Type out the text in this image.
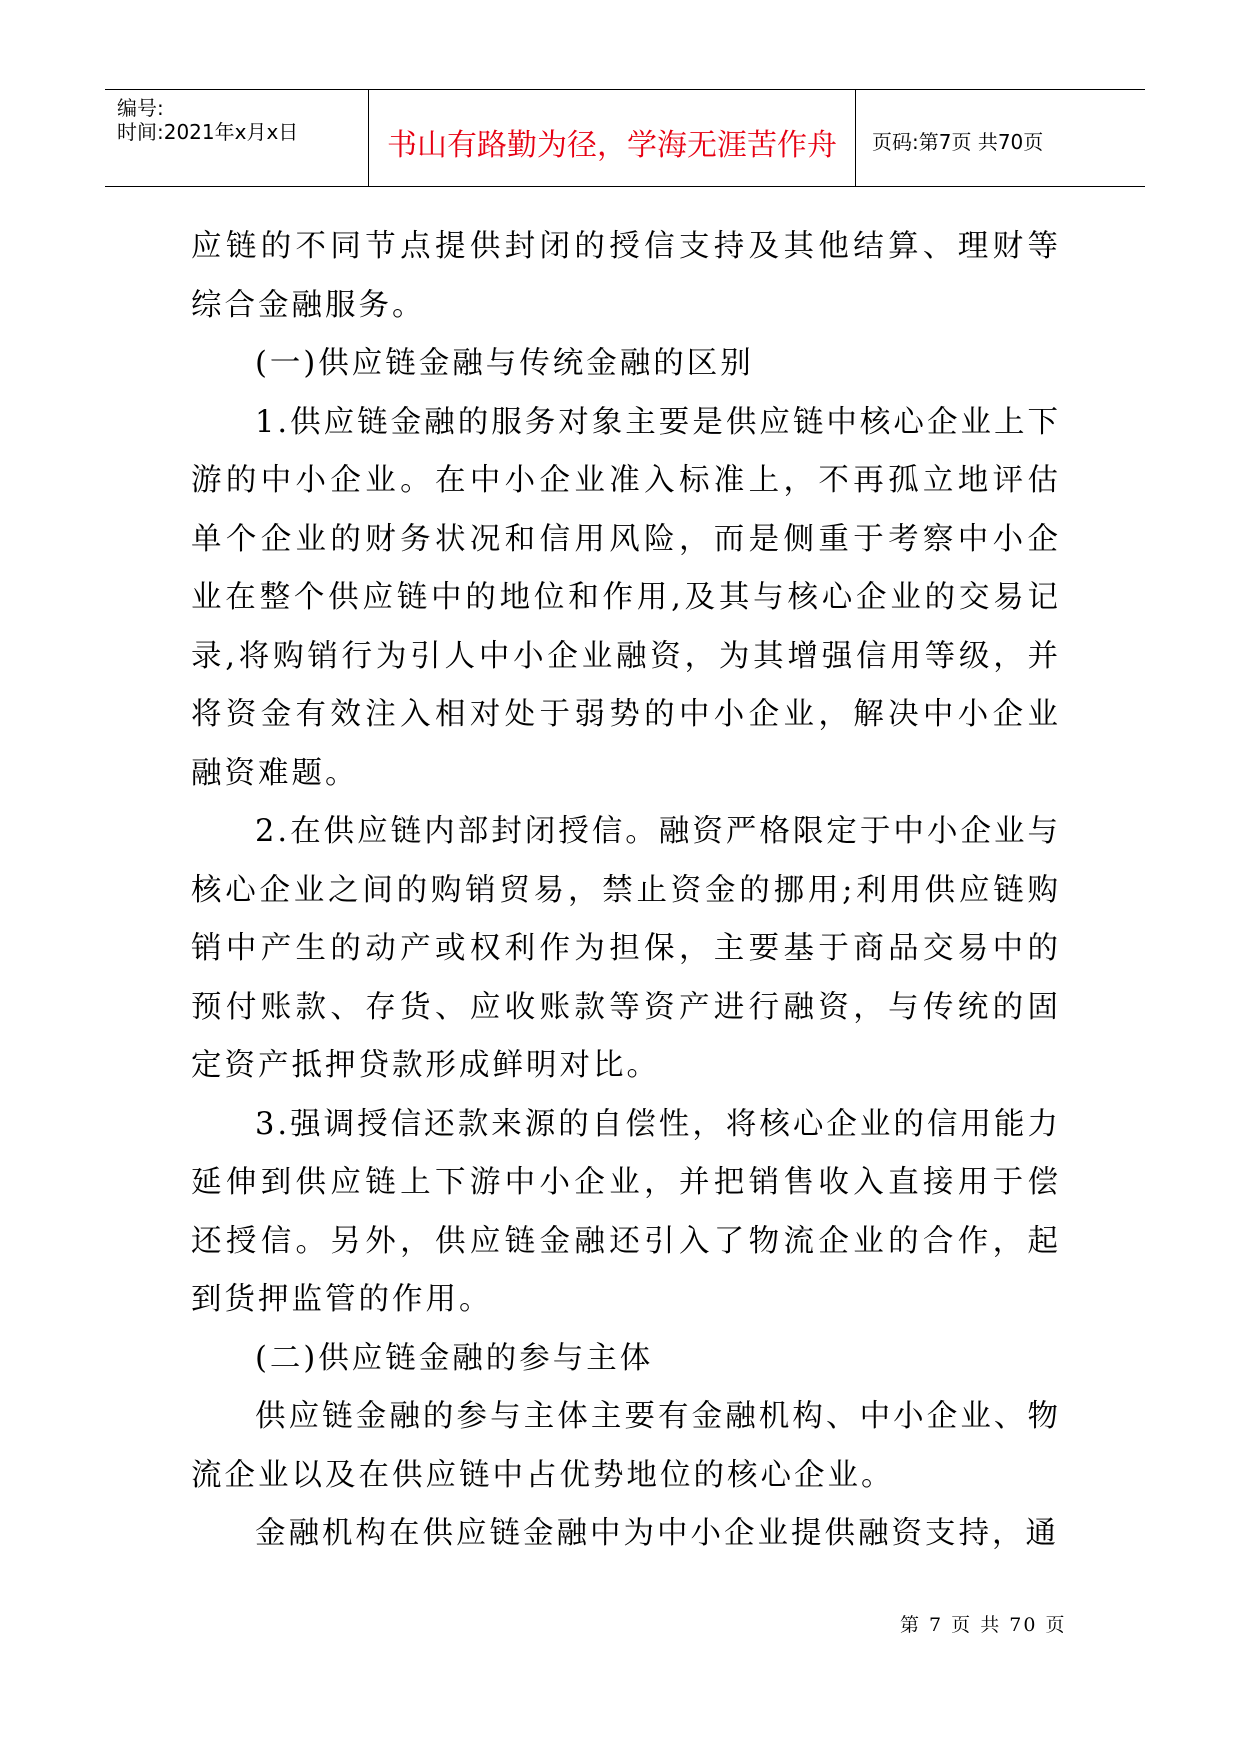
编号:
时间:2021年x月x日	书山有路勤为径，学海无涯苦作舟	页码:第7页 共70页

应链的不同节点提供封闭的授信支持及其他结算、理财等综合金融服务。

(一)供应链金融与传统金融的区别

1.供应链金融的服务对象主要是供应链中核心企业上下游的中小企业。在中小企业准入标准上，不再孤立地评估单个企业的财务状况和信用风险，而是侧重于考察中小企业在整个供应链中的地位和作用,及其与核心企业的交易记录,将购销行为引人中小企业融资，为其增强信用等级，并将资金有效注入相对处于弱势的中小企业，解决中小企业融资难题。

2.在供应链内部封闭授信。融资严格限定于中小企业与核心企业之间的购销贸易，禁止资金的挪用;利用供应链购销中产生的动产或权利作为担保，主要基于商品交易中的预付账款、存货、应收账款等资产进行融资，与传统的固定资产抵押贷款形成鲜明对比。

3.强调授信还款来源的自偿性，将核心企业的信用能力延伸到供应链上下游中小企业，并把销售收入直接用于偿还授信。另外，供应链金融还引入了物流企业的合作，起到货押监管的作用。

(二)供应链金融的参与主体

供应链金融的参与主体主要有金融机构、中小企业、物流企业以及在供应链中占优势地位的核心企业。

金融机构在供应链金融中为中小企业提供融资支持，通

第 7 页 共 70 页
